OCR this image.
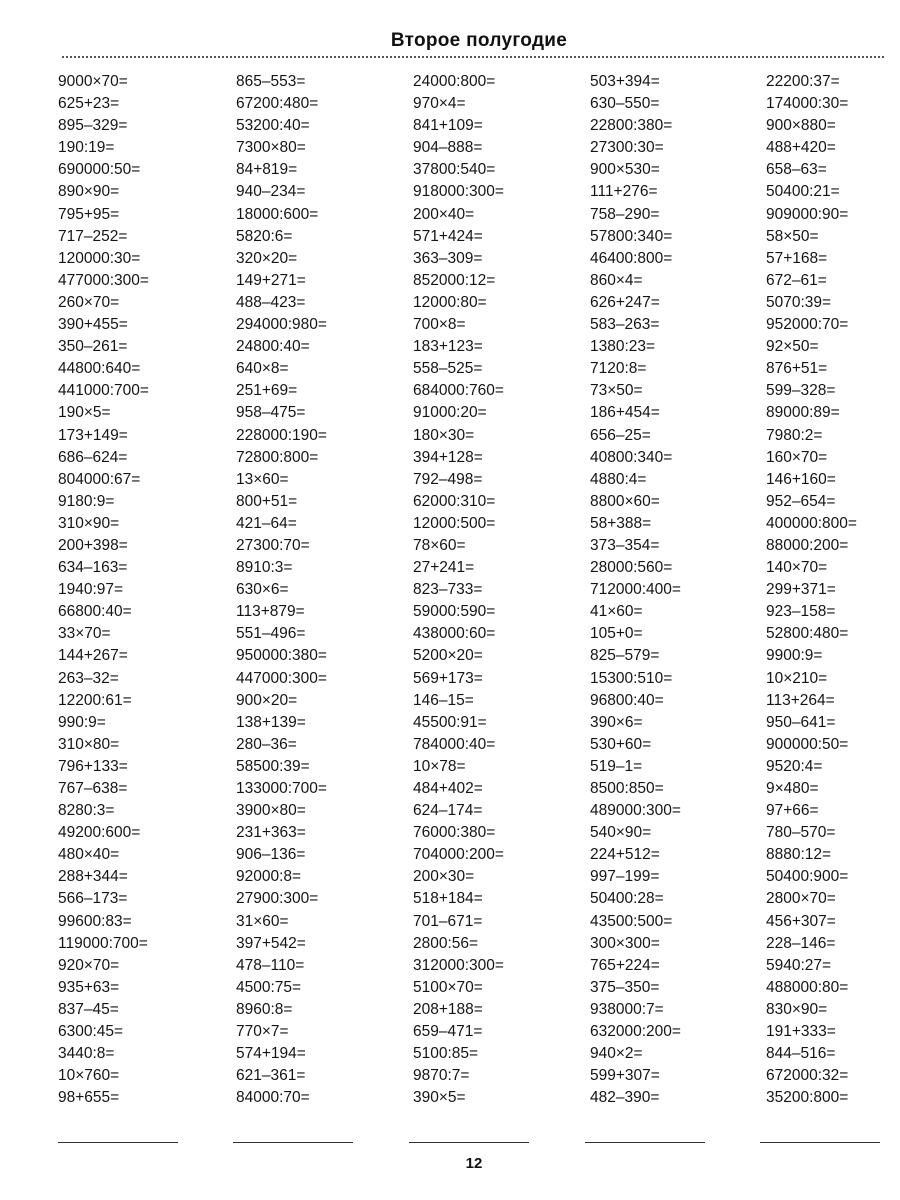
Второе полугодие
9000×70=
625+23=
895–329=
190:19=
690000:50=
890×90=
795+95=
717–252=
120000:30=
477000:300=
260×70=
390+455=
350–261=
44800:640=
441000:700=
190×5=
173+149=
686–624=
804000:67=
9180:9=
310×90=
200+398=
634–163=
1940:97=
66800:40=
33×70=
144+267=
263–32=
12200:61=
990:9=
310×80=
796+133=
767–638=
8280:3=
49200:600=
480×40=
288+344=
566–173=
99600:83=
119000:700=
920×70=
935+63=
837–45=
6300:45=
3440:8=
10×760=
98+655=
865–553=
67200:480=
53200:40=
7300×80=
84+819=
940–234=
18000:600=
5820:6=
320×20=
149+271=
488–423=
294000:980=
24800:40=
640×8=
251+69=
958–475=
228000:190=
72800:800=
13×60=
800+51=
421–64=
27300:70=
8910:3=
630×6=
113+879=
551–496=
950000:380=
447000:300=
900×20=
138+139=
280–36=
58500:39=
133000:700=
3900×80=
231+363=
906–136=
92000:8=
27900:300=
31×60=
397+542=
478–110=
4500:75=
8960:8=
770×7=
574+194=
621–361=
84000:70=
24000:800=
970×4=
841+109=
904–888=
37800:540=
918000:300=
200×40=
571+424=
363–309=
852000:12=
12000:80=
700×8=
183+123=
558–525=
684000:760=
91000:20=
180×30=
394+128=
792–498=
62000:310=
12000:500=
78×60=
27+241=
823–733=
59000:590=
438000:60=
5200×20=
569+173=
146–15=
45500:91=
784000:40=
10×78=
484+402=
624–174=
76000:380=
704000:200=
200×30=
518+184=
701–671=
2800:56=
312000:300=
5100×70=
208+188=
659–471=
5100:85=
9870:7=
390×5=
503+394=
630–550=
22800:380=
27300:30=
900×530=
111+276=
758–290=
57800:340=
46400:800=
860×4=
626+247=
583–263=
1380:23=
7120:8=
73×50=
186+454=
656–25=
40800:340=
4880:4=
8800×60=
58+388=
373–354=
28000:560=
712000:400=
41×60=
105+0=
825–579=
15300:510=
96800:40=
390×6=
530+60=
519–1=
8500:850=
489000:300=
540×90=
224+512=
997–199=
50400:28=
43500:500=
300×300=
765+224=
375–350=
938000:7=
632000:200=
940×2=
599+307=
482–390=
22200:37=
174000:30=
900×880=
488+420=
658–63=
50400:21=
909000:90=
58×50=
57+168=
672–61=
5070:39=
952000:70=
92×50=
876+51=
599–328=
89000:89=
7980:2=
160×70=
146+160=
952–654=
400000:800=
88000:200=
140×70=
299+371=
923–158=
52800:480=
9900:9=
10×210=
113+264=
950–641=
900000:50=
9520:4=
9×480=
97+66=
780–570=
8880:12=
50400:900=
2800×70=
456+307=
228–146=
5940:27=
488000:80=
830×90=
191+333=
844–516=
672000:32=
35200:800=
12
